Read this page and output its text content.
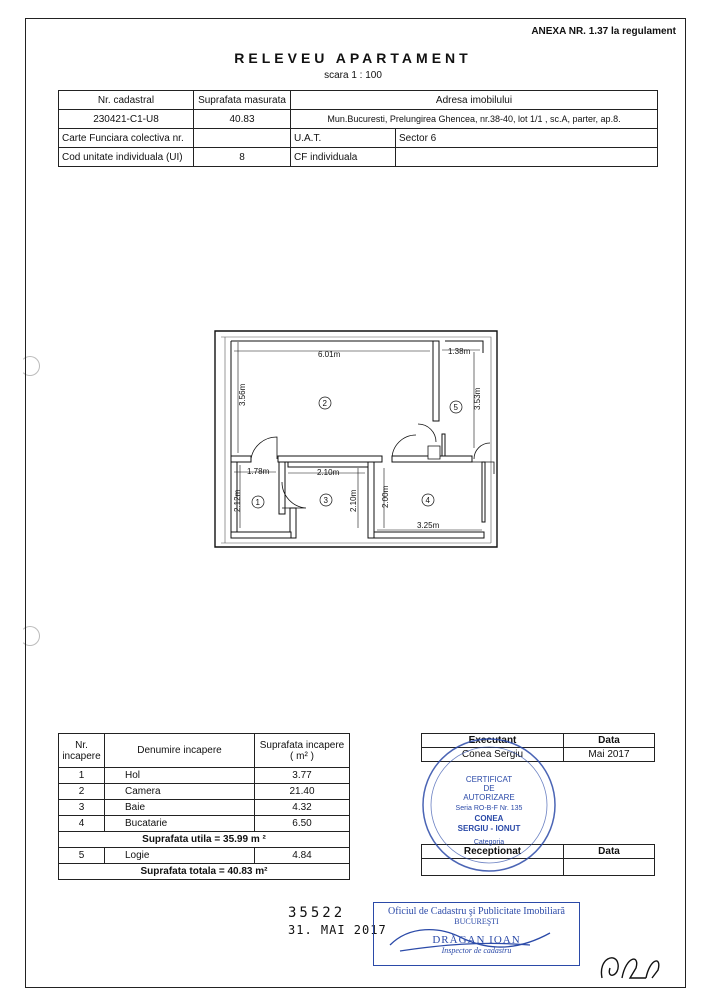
ANEXA NR. 1.37 la regulament
RELEVEU APARTAMENT
scara 1 : 100
Nr. cadastral	Suprafata masurata	Adresa imobilului	
230421-C1-U8	40.83	Mun.Bucuresti, Prelungirea Ghencea, nr.38-40, lot 1/1 , sc.A, parter, ap.8.	
Carte Funciara colectiva nr.		U.A.T.	Sector 6
Cod unitate individuala (UI)	8	CF individuala	
6.01m	1.38m
3.56m	3.53m
1.78m	2.10m
2.12m	2.10m	2.00m
3.25m
2	5
1	3	4
Nr. incapere	Denumire incapere	Suprafata incapere ( m² )
1	Hol	3.77
2	Camera	21.40
3	Baie	4.32
4	Bucatarie	6.50
Suprafata utila = 35.99 m ²		
5	Logie	4.84
Suprafata totala = 40.83 m²		
Executant	Data
Conea Sergiu	Mai 2017

Receptionat	Data

CERTIFICAT
DE
AUTORIZARE
Seria RO-B-F Nr. 135
CONEA
SERGIU - IONUT
Categoria
35522
31. MAI 2017
Oficiul de Cadastru şi Publicitate Imobiliară
BUCUREŞTI
DRĂGAN IOAN
Inspector de cadastru
